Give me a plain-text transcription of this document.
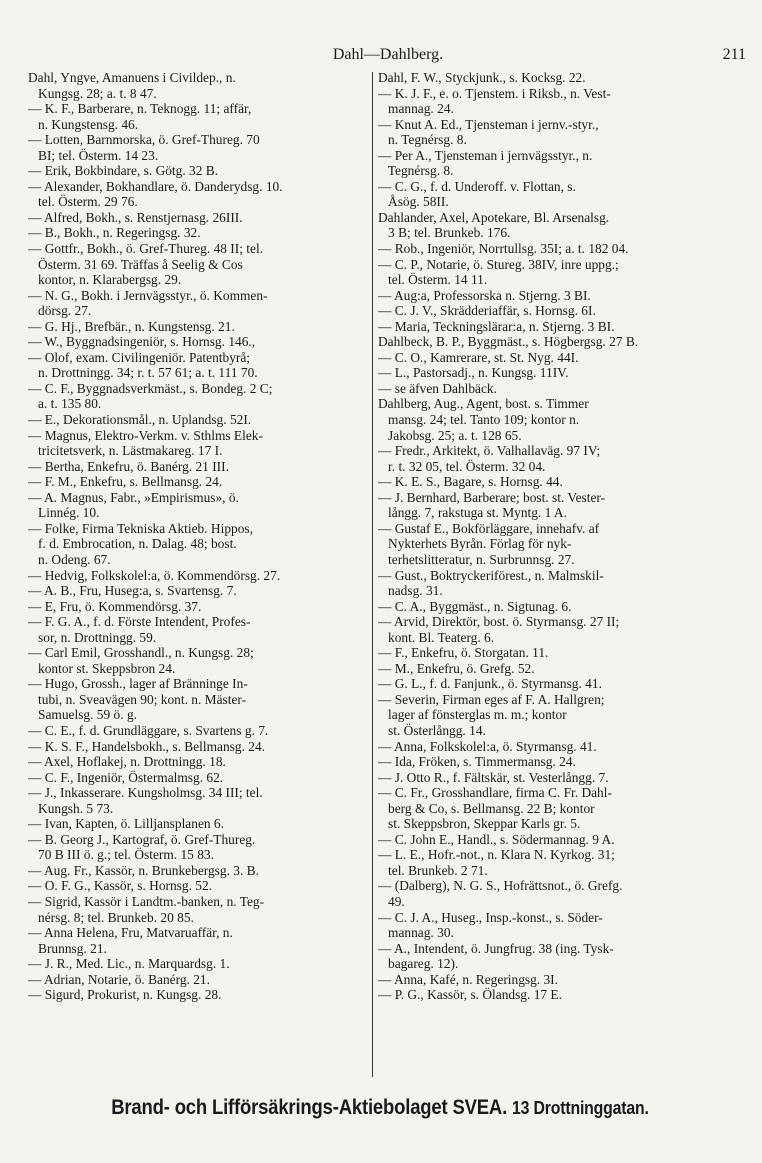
Dahl—Dahlberg.	211
Dahl, Yngve, Amanuens i Civildep., n.
Kungsg. 28; a. t. 8 47.
— K. F., Barberare, n. Teknogg. 11; affär,
n. Kungstensg. 46.
— Lotten, Barnmorska, ö. Gref-Thureg. 70
BI; tel. Österm. 14 23.
— Erik, Bokbindare, s. Götg. 32 B.
— Alexander, Bokhandlare, ö. Danderydsg. 10.
tel. Österm. 29 76.
— Alfred, Bokh., s. Renstjernasg. 26III.
— B., Bokh., n. Regeringsg. 32.
— Gottfr., Bokh., ö. Gref-Thureg. 48 II; tel.
Österm. 31 69. Träffas å Seelig & Cos
kontor, n. Klarabergsg. 29.
— N. G., Bokh. i Jernvägsstyr., ö. Kommen-
dörsg. 27.
— G. Hj., Brefbär., n. Kungstensg. 21.
— W., Byggnadsingeniör, s. Hornsg. 146.,
— Olof, exam. Civilingeniör. Patentbyrå;
n. Drottningg. 34; r. t. 57 61; a. t. 111 70.
— C. F., Byggnadsverkmäst., s. Bondeg. 2 C;
a. t. 135 80.
— E., Dekorationsmål., n. Uplandsg. 52I.
— Magnus, Elektro-Verkm. v. Sthlms Elek-
tricitetsverk, n. Lästmakareg. 17 I.
— Bertha, Enkefru, ö. Banérg. 21 III.
— F. M., Enkefru, s. Bellmansg. 24.
— A. Magnus, Fabr., »Empirismus», ö.
Linnég. 10.
— Folke, Firma Tekniska Aktieb. Hippos,
f. d. Embrocation, n. Dalag. 48; bost.
n. Odeng. 67.
— Hedvig, Folkskolel:a, ö. Kommendörsg. 27.
— A. B., Fru, Huseg:a, s. Svartensg. 7.
— E, Fru, ö. Kommendörsg. 37.
— F. G. A., f. d. Förste Intendent, Profes-
sor, n. Drottningg. 59.
— Carl Emil, Grosshandl., n. Kungsg. 28;
kontor st. Skeppsbron 24.
— Hugo, Grossh., lager af Bränninge In-
tubi, n. Sveavägen 90; kont. n. Mäster-
Samuelsg. 59 ö. g.
— C. E., f. d. Grundläggare, s. Svartens g. 7.
— K. S. F., Handelsbokh., s. Bellmansg. 24.
— Axel, Hoflakej, n. Drottningg. 18.
— C. F., Ingeniör, Östermalmsg. 62.
— J., Inkasserare. Kungsholmsg. 34 III; tel.
Kungsh. 5 73.
— Ivan, Kapten, ö. Lilljansplanen 6.
— B. Georg J., Kartograf, ö. Gref-Thureg.
70 B III ö. g.; tel. Österm. 15 83.
— Aug. Fr., Kassör, n. Brunkebergsg. 3. B.
— O. F. G., Kassör, s. Hornsg. 52.
— Sigrid, Kassör i Landtm.-banken, n. Teg-
nérsg. 8; tel. Brunkeb. 20 85.
— Anna Helena, Fru, Matvaruaffär, n.
Brunnsg. 21.
— J. R., Med. Lic., n. Marquardsg. 1.
— Adrian, Notarie, ö. Banérg. 21.
— Sigurd, Prokurist, n. Kungsg. 28.
Dahl, F. W., Styckjunk., s. Kocksg. 22.
— K. J. F., e. o. Tjenstem. i Riksb., n. Vest-
mannag. 24.
— Knut A. Ed., Tjensteman i jernv.-styr.,
n. Tegnérsg. 8.
— Per A., Tjensteman i jernvägsstyr., n.
Tegnérsg. 8.
— C. G., f. d. Underoff. v. Flottan, s.
Åsög. 58II.
Dahlander, Axel, Apotekare, Bl. Arsenalsg.
3 B; tel. Brunkeb. 176.
— Rob., Ingeniör, Norrtullsg. 35I; a. t. 182 04.
— C. P., Notarie, ö. Stureg. 38IV, inre uppg.;
tel. Österm. 14 11.
— Aug:a, Professorska n. Stjerng. 3 BI.
— C. J. V., Skrädderiaffär, s. Hornsg. 6I.
— Maria, Teckningslärar:a, n. Stjerng. 3 BI.
Dahlbeck, B. P., Byggmäst., s. Högbergsg. 27 B.
— C. O., Kamrerare, st. St. Nyg. 44I.
— L., Pastorsadj., n. Kungsg. 11IV.
— se äfven Dahlbäck.
Dahlberg, Aug., Agent, bost. s. Timmer
mansg. 24; tel. Tanto 109; kontor n.
Jakobsg. 25; a. t. 128 65.
— Fredr., Arkitekt, ö. Valhallaväg. 97 IV;
r. t. 32 05, tel. Österm. 32 04.
— K. E. S., Bagare, s. Hornsg. 44.
— J. Bernhard, Barberare; bost. st. Vester-
långg. 7, rakstuga st. Myntg. 1 A.
— Gustaf E., Bokförläggare, innehafv. af
Nykterhets Byrån. Förlag för nyk-
terhetslitteratur, n. Surbrunnsg. 27.
— Gust., Boktryckeriförest., n. Malmskil-
nadsg. 31.
— C. A., Byggmäst., n. Sigtunag. 6.
— Arvid, Direktör, bost. ö. Styrmansg. 27 II;
kont. Bl. Teaterg. 6.
— F., Enkefru, ö. Storgatan. 11.
— M., Enkefru, ö. Grefg. 52.
— G. L., f. d. Fanjunk., ö. Styrmansg. 41.
— Severin, Firman eges af F. A. Hallgren;
lager af fönsterglas m. m.; kontor
st. Österlångg. 14.
— Anna, Folkskolel:a, ö. Styrmansg. 41.
— Ida, Fröken, s. Timmermansg. 24.
— J. Otto R., f. Fältskär, st. Vesterlångg. 7.
— C. Fr., Grosshandlare, firma C. Fr. Dahl-
berg & Co, s. Bellmansg. 22 B; kontor
st. Skeppsbron, Skeppar Karls gr. 5.
— C. John E., Handl., s. Södermannag. 9 A.
— L. E., Hofr.-not., n. Klara N. Kyrkog. 31;
tel. Brunkeb. 2 71.
— (Dalberg), N. G. S., Hofrättsnot., ö. Grefg.
49.
— C. J. A., Huseg., Insp.-konst., s. Söder-
mannag. 30.
— A., Intendent, ö. Jungfrug. 38 (ing. Tysk-
bagareg. 12).
— Anna, Kafé, n. Regeringsg. 3I.
— P. G., Kassör, s. Ölandsg. 17 E.
Brand- och Lifförsäkrings-Aktiebolaget SVEA. 13 Drottninggatan.
